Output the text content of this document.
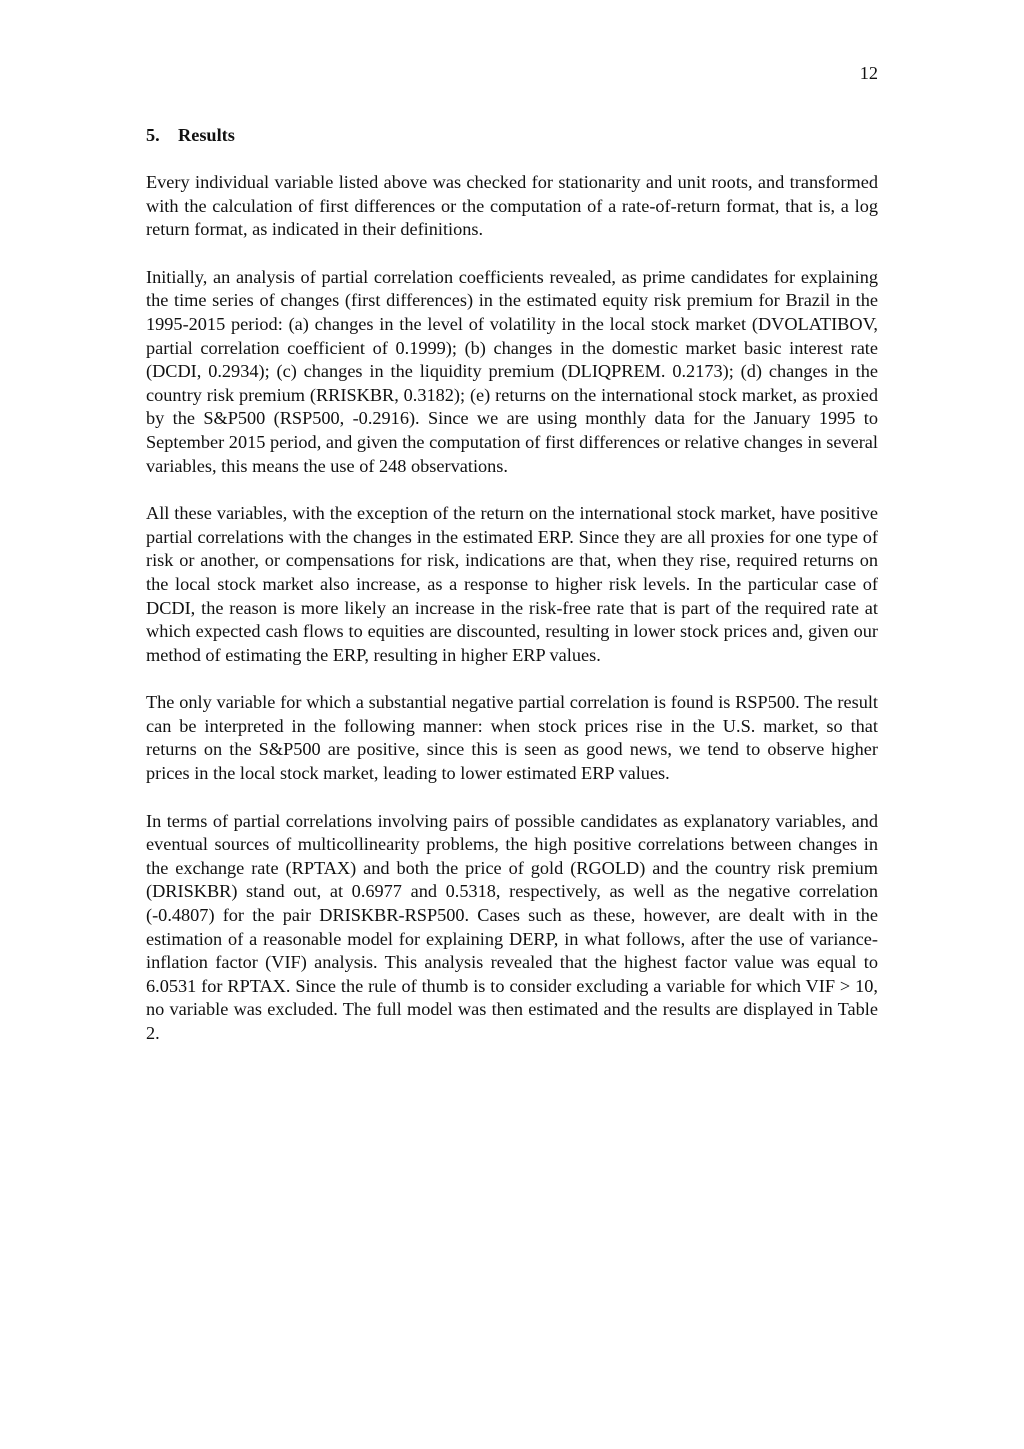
12
5. Results

Every individual variable listed above was checked for stationarity and unit roots, and transformed with the calculation of first differences or the computation of a rate-of-return format, that is, a log return format, as indicated in their definitions.

Initially, an analysis of partial correlation coefficients revealed, as prime candidates for explaining the time series of changes (first differences) in the estimated equity risk premium for Brazil in the 1995-2015 period: (a) changes in the level of volatility in the local stock market (DVOLATIBOV, partial correlation coefficient of 0.1999); (b) changes in the domestic market basic interest rate (DCDI, 0.2934); (c) changes in the liquidity premium (DLIQPREM. 0.2173); (d) changes in the country risk premium (RRISKBR, 0.3182); (e) returns on the international stock market, as proxied by the S&P500 (RSP500, -0.2916). Since we are using monthly data for the January 1995 to September 2015 period, and given the computation of first differences or relative changes in several variables, this means the use of 248 observations.

All these variables, with the exception of the return on the international stock market, have positive partial correlations with the changes in the estimated ERP. Since they are all proxies for one type of risk or another, or compensations for risk, indications are that, when they rise, required returns on the local stock market also increase, as a response to higher risk levels. In the particular case of DCDI, the reason is more likely an increase in the risk-free rate that is part of the required rate at which expected cash flows to equities are discounted, resulting in lower stock prices and, given our method of estimating the ERP, resulting in higher ERP values.

The only variable for which a substantial negative partial correlation is found is RSP500. The result can be interpreted in the following manner: when stock prices rise in the U.S. market, so that returns on the S&P500 are positive, since this is seen as good news, we tend to observe higher prices in the local stock market, leading to lower estimated ERP values.

In terms of partial correlations involving pairs of possible candidates as explanatory variables, and eventual sources of multicollinearity problems, the high positive correlations between changes in the exchange rate (RPTAX) and both the price of gold (RGOLD) and the country risk premium (DRISKBR) stand out, at 0.6977 and 0.5318, respectively, as well as the negative correlation (-0.4807) for the pair DRISKBR-RSP500. Cases such as these, however, are dealt with in the estimation of a reasonable model for explaining DERP, in what follows, after the use of variance-inflation factor (VIF) analysis. This analysis revealed that the highest factor value was equal to 6.0531 for RPTAX. Since the rule of thumb is to consider excluding a variable for which VIF > 10, no variable was excluded. The full model was then estimated and the results are displayed in Table 2.
